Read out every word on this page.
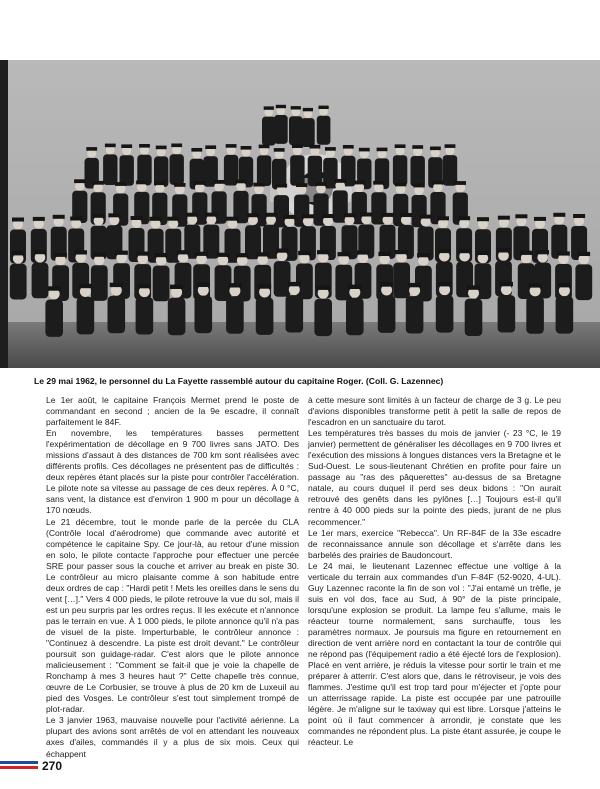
Le 29 mai 1962, le personnel du La Fayette rassemblé autour du capitaine Roger. (Coll. G. Lazennec)

Le 1er août, le capitaine François Mermet prend le poste de commandant en second ; ancien de la 9e escadre, il connaît parfaitement le 84F.

En novembre, les températures basses permettent l'expérimentation de décollage en 9 700 livres sans JATO. Des missions d'assaut à des distances de 700 km sont réalisées avec différents profils. Ces décollages ne présentent pas de difficultés : deux repères étant placés sur la piste pour contrôler l'accélération. Le pilote note sa vitesse au passage de ces deux repères. À 0 °C, sans vent, la distance est d'environ 1 900 m pour un décollage à 170 nœuds.

Le 21 décembre, tout le monde parle de la percée du CLA (Contrôle local d'aérodrome) que commande avec autorité et compétence le capitaine Spy. Ce jour-là, au retour d'une mission en solo, le pilote contacte l'approche pour effectuer une percée SRE pour passer sous la couche et arriver au break en piste 30. Le contrôleur au micro plaisante comme à son habitude entre deux ordres de cap : "Hardi petit ! Mets les oreilles dans le sens du vent […]." Vers 4 000 pieds, le pilote retrouve la vue du sol, mais il est un peu surpris par les ordres reçus. Il les exécute et n'annonce pas le terrain en vue. À 1 000 pieds, le pilote annonce qu'il n'a pas de visuel de la piste. Imperturbable, le contrôleur annonce : "Continuez à descendre. La piste est droit devant." Le contrôleur poursuit son guidage-radar. C'est alors que le pilote annonce malicieusement : "Comment se fait-il que je voie la chapelle de Ronchamp à mes 3 heures haut ?" Cette chapelle très connue, œuvre de Le Corbusier, se trouve à plus de 20 km de Luxeuil au pied des Vosges. Le contrôleur s'est tout simplement trompé de plot-radar.

Le 3 janvier 1963, mauvaise nouvelle pour l'activité aérienne. La plupart des avions sont arrêtés de vol en attendant les nouveaux axes d'ailes, commandés il y a plus de six mois. Ceux qui échappent

à cette mesure sont limités à un facteur de charge de 3 g. Le peu d'avions disponibles transforme petit à petit la salle de repos de l'escadron en un sanctuaire du tarot.

Les températures très basses du mois de janvier (- 23 °C, le 19 janvier) permettent de généraliser les décollages en 9 700 livres et l'exécution des missions à longues distances vers la Bretagne et le Sud-Ouest. Le sous-lieutenant Chrétien en profite pour faire un passage au "ras des pâquerettes" au-dessus de sa Bretagne natale, au cours duquel il perd ses deux bidons : "On aurait retrouvé des genêts dans les pylônes […] Toujours est-il qu'il rentre à 40 000 pieds sur la pointe des pieds, jurant de ne plus recommencer."

Le 1er mars, exercice "Rebecca". Un RF-84F de la 33e escadre de reconnaissance annule son décollage et s'arrête dans les barbelés des prairies de Baudoncourt.

Le 24 mai, le lieutenant Lazennec effectue une voltige à la verticale du terrain aux commandes d'un F-84F (52-9020, 4-UL). Guy Lazennec raconte la fin de son vol : "J'ai entamé un trèfle, je suis en vol dos, face au Sud, à 90° de la piste principale, lorsqu'une explosion se produit. La lampe feu s'allume, mais le réacteur tourne normalement, sans surchauffe, tous les paramètres normaux. Je poursuis ma figure en retournement en direction de vent arrière nord en contactant la tour de contrôle qui ne répond pas (l'équipement radio a été éjecté lors de l'explosion). Placé en vent arrière, je réduis la vitesse pour sortir le train et me préparer à atterrir. C'est alors que, dans le rétroviseur, je vois des flammes. J'estime qu'il est trop tard pour m'éjecter et j'opte pour un atterrissage rapide. La piste est occupée par une patrouille légère. Je m'aligne sur le taxiway qui est libre. Lorsque j'atteins le point où il faut commencer à arrondir, je constate que les commandes ne répondent plus. La piste étant assurée, je coupe le réacteur. Le

270
